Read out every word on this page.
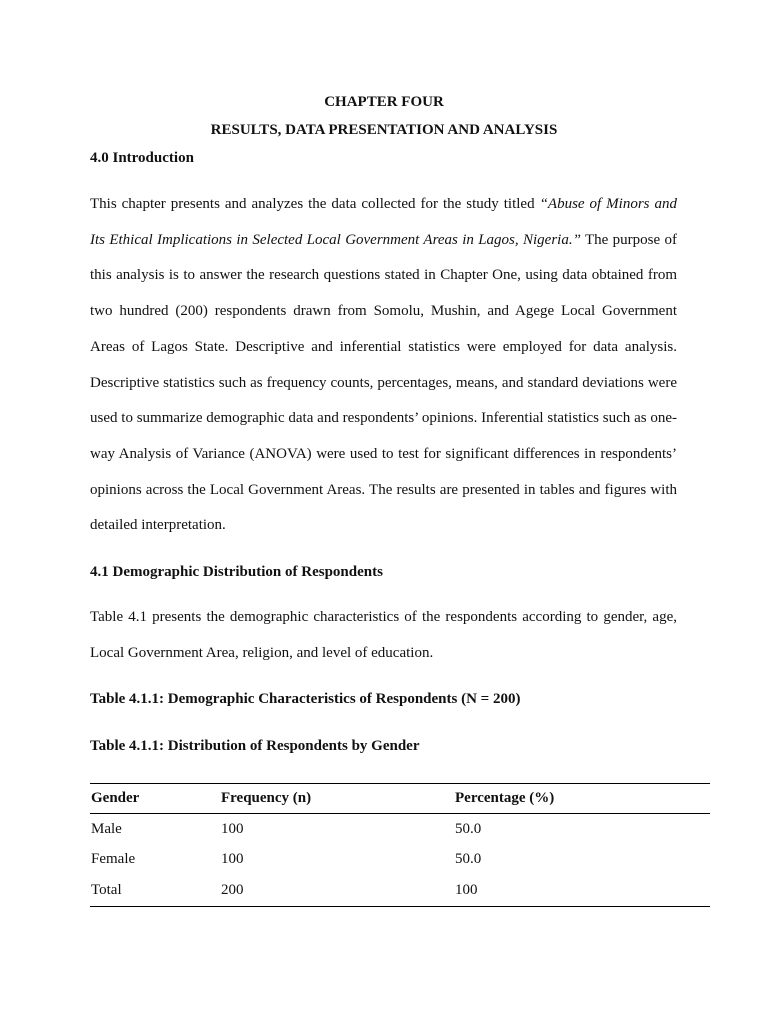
CHAPTER FOUR
RESULTS, DATA PRESENTATION AND ANALYSIS
4.0 Introduction

This chapter presents and analyzes the data collected for the study titled “Abuse of Minors and Its Ethical Implications in Selected Local Government Areas in Lagos, Nigeria.” The purpose of this analysis is to answer the research questions stated in Chapter One, using data obtained from two hundred (200) respondents drawn from Somolu, Mushin, and Agege Local Government Areas of Lagos State. Descriptive and inferential statistics were employed for data analysis. Descriptive statistics such as frequency counts, percentages, means, and standard deviations were used to summarize demographic data and respondents’ opinions. Inferential statistics such as one-way Analysis of Variance (ANOVA) were used to test for significant differences in respondents’ opinions across the Local Government Areas. The results are presented in tables and figures with detailed interpretation.

4.1 Demographic Distribution of Respondents

Table 4.1 presents the demographic characteristics of the respondents according to gender, age, Local Government Area, religion, and level of education.

Table 4.1.1: Demographic Characteristics of Respondents (N = 200)
Table 4.1.1: Distribution of Respondents by Gender
Gender	Frequency (n)	Percentage (%)
Male	100	50.0
Female	100	50.0
Total	200	100
